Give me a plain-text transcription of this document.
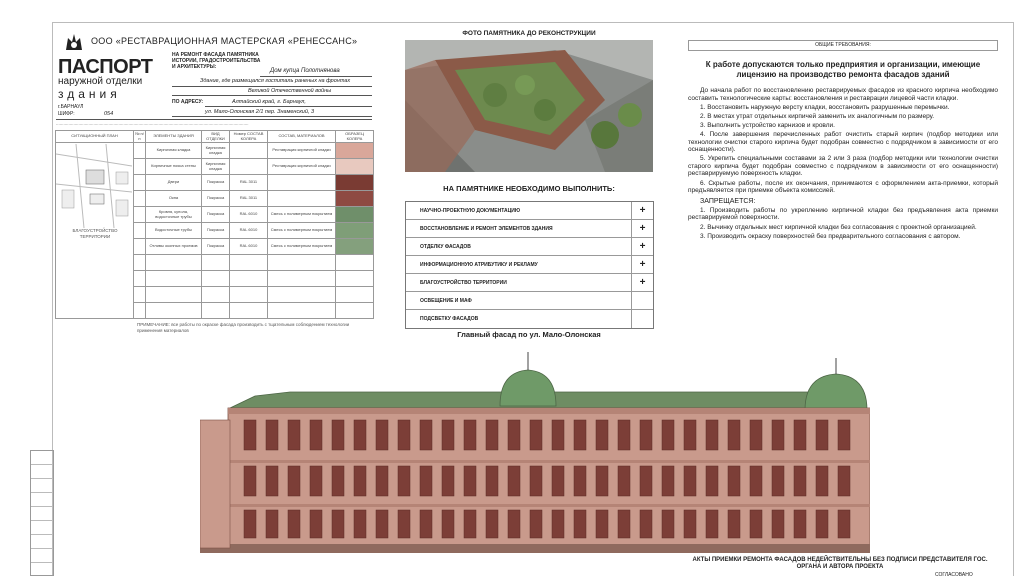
ООО «РЕСТАВРАЦИОННАЯ МАСТЕРСКАЯ «РЕНЕССАНС»
ПАСПОРТ
наружной отделки
здания
НА РЕМОНТ ФАСАДА ПАМЯТНИКА ИСТОРИИ, ГРАДОСТРОИТЕЛЬСТВА И АРХИТЕКТУРЫ:
Дом купца Полотнянова
Здание, где размещался госпиталь раненых на фронтах
Великой Отечественной войны
ПО АДРЕСУ:	Алтайский край, г. Барнаул,
ул. Мало-Олонская 2/1 пер. Знаменский, 3
г.БАРНАУЛ
ШИФР:	054
..........................................................................................................................................................
СИТУАЦИОННЫЙ ПЛАН	№ п/п	ЭЛЕМЕНТЫ ЗДАНИЯ	ВИД ОТДЕЛКИ	Номер СОСТАВ КОЛЕРА	СОСТАВ, МАТЕРИАЛОВ	ОБРАЗЕЦ КОЛЕРА
		Кирпичная кладка	Кирпичная кладка		Реставрация кирпичной кладки	
		Кирпичные пояса стены	Кирпичная кладка		Реставрация кирпичной кладки	
		Двери	Покраска	RAL 3011		
		Окна	Покраска	RAL 3011		
		Кровля, купола, водосточные трубы	Покраска	RAL 6010	Смесь с полимерным покрытием	
		Водосточные трубы	Покраска	RAL 6010	Смесь с полимерным покрытием	
		Отливы оконных проемов	Покраска	RAL 6010	Смесь с полимерным покрытием	

БЛАГОУСТРОЙСТВО ТЕРРИТОРИИ
ПРИМЕЧАНИЕ: все работы по окраске фасада производить с тщательным соблюдением технологии применения материалов
ФОТО ПАМЯТНИКА ДО РЕКОНСТРУКЦИИ
НА ПАМЯТНИКЕ НЕОБХОДИМО ВЫПОЛНИТЬ:
НАУЧНО-ПРОЕКТНУЮ ДОКУМЕНТАЦИЮ	+
ВОССТАНОВЛЕНИЕ И РЕМОНТ ЭЛЕМЕНТОВ ЗДАНИЯ	+
ОТДЕЛКУ ФАСАДОВ	+
ИНФОРМАЦИОННУЮ АТРИБУТИКУ И РЕКЛАМУ	+
БЛАГОУСТРОЙСТВО ТЕРРИТОРИИ	+
ОСВЕЩЕНИЕ И МАФ
ПОДСВЕТКУ ФАСАДОВ
Главный фасад по ул. Мало-Олонская
ОБЩИЕ ТРЕБОВАНИЯ:
К работе допускаются только предприятия и организации, имеющие лицензию на производство ремонта фасадов зданий

До начала работ по восстановлению реставрируемых фасадов из красного кирпича необходимо составить технологические карты: восстановления и реставрации лицевой части кладки.

1. Восстановить наружную версту кладки, восстановить разрушенные перемычки.

2. В местах утрат отдельных кирпичей заменить их аналогичным по размеру.

3. Выполнить устройство карнизов и кровли.

4. После завершения перечисленных работ очистить старый кирпич (подбор методики или технологии очистки старого кирпича будет подобран совместно с подрядчиком в зависимости от его оснащенности).

5. Укрепить специальными составами за 2 или 3 раза (подбор методики или технологии очистки старого кирпича будет подобран совместно с подрядчиком в зависимости от его оснащенности) реставрируемую поверхность кладки.

6. Скрытые работы, после их окончания, принимаются с оформлением акта-приемки, который предъявляется при приемке объекта комиссией.

ЗАПРЕЩАЕТСЯ:

1. Производить работы по укреплению кирпичной кладки без предъявления акта приемки реставрируемой поверхности.

2. Вычинку отдельных мест кирпичной кладки без согласования с проектной организацией.

3. Производить окраску поверхностей без предварительного согласования с автором.

АКТЫ ПРИЕМКИ РЕМОНТА ФАСАДОВ НЕДЕЙСТВИТЕЛЬНЫ БЕЗ ПОДПИСИ ПРЕДСТАВИТЕЛЯ ГОС. ОРГАНА И АВТОРА ПРОЕКТА
СОГЛАСОВАНО
